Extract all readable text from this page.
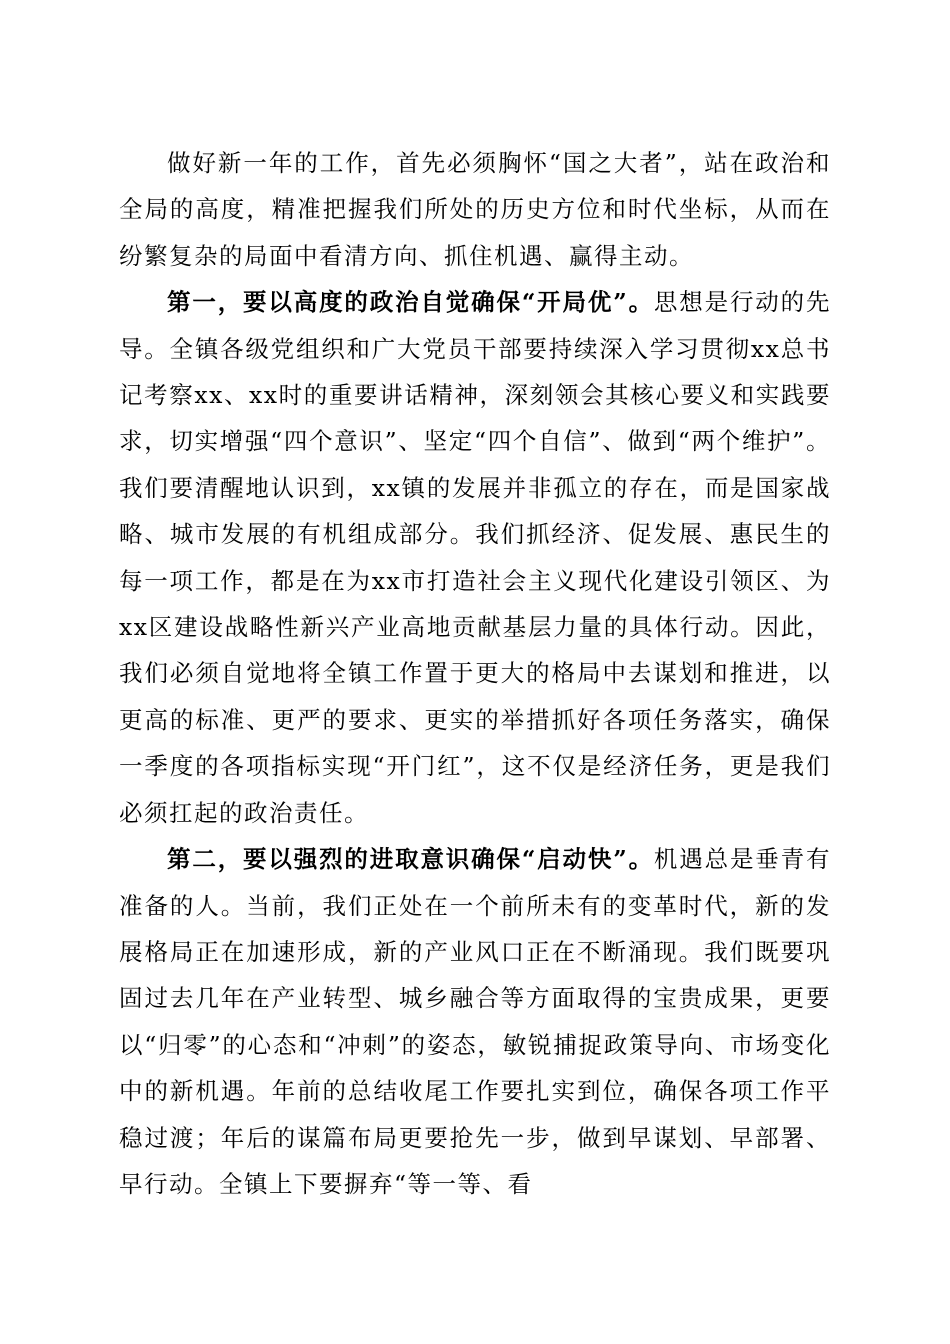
做好新一年的工作，首先必须胸怀“国之大者”，站在政治和全局的高度，精准把握我们所处的历史方位和时代坐标，从而在纷繁复杂的局面中看清方向、抓住机遇、赢得主动。

第一，要以高度的政治自觉确保“开局优”。思想是行动的先导。全镇各级党组织和广大党员干部要持续深入学习贯彻xx总书记考察xx、xx时的重要讲话精神，深刻领会其核心要义和实践要求，切实增强“四个意识”、坚定“四个自信”、做到“两个维护”。我们要清醒地认识到，xx镇的发展并非孤立的存在，而是国家战略、城市发展的有机组成部分。我们抓经济、促发展、惠民生的每一项工作，都是在为xx市打造社会主义现代化建设引领区、为xx区建设战略性新兴产业高地贡献基层力量的具体行动。因此，我们必须自觉地将全镇工作置于更大的格局中去谋划和推进，以更高的标准、更严的要求、更实的举措抓好各项任务落实，确保一季度的各项指标实现“开门红”，这不仅是经济任务，更是我们必须扛起的政治责任。

第二，要以强烈的进取意识确保“启动快”。机遇总是垂青有准备的人。当前，我们正处在一个前所未有的变革时代，新的发展格局正在加速形成，新的产业风口正在不断涌现。我们既要巩固过去几年在产业转型、城乡融合等方面取得的宝贵成果，更要以“归零”的心态和“冲刺”的姿态，敏锐捕捉政策导向、市场变化中的新机遇。年前的总结收尾工作要扎实到位，确保各项工作平稳过渡；年后的谋篇布局更要抢先一步，做到早谋划、早部署、早行动。全镇上下要摒弃“等一等、看
